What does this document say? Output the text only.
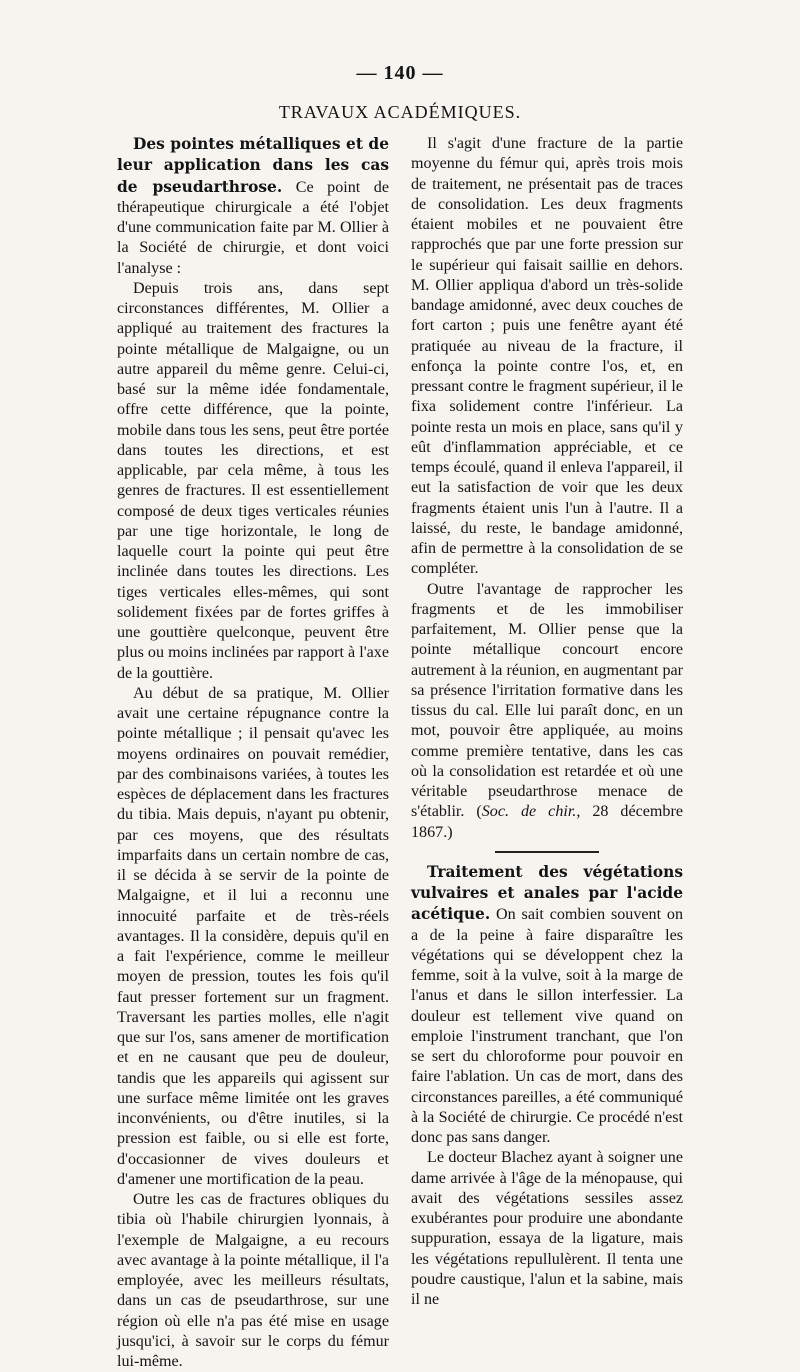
— 140 —
TRAVAUX ACADÉMIQUES.

Des pointes métalliques et de leur application dans les cas de pseudarthrose. Ce point de thérapeutique chirurgicale a été l'objet d'une communication faite par M. Ollier à la Société de chirurgie, et dont voici l'analyse :

Depuis trois ans, dans sept circonstances différentes, M. Ollier a appliqué au traitement des fractures la pointe métallique de Malgaigne, ou un autre appareil du même genre. Celui-ci, basé sur la même idée fondamentale, offre cette différence, que la pointe, mobile dans tous les sens, peut être portée dans toutes les directions, et est applicable, par cela même, à tous les genres de fractures. Il est essentiellement composé de deux tiges verticales réunies par une tige horizontale, le long de laquelle court la pointe qui peut être inclinée dans toutes les directions. Les tiges verticales elles-mêmes, qui sont solidement fixées par de fortes griffes à une gouttière quelconque, peuvent être plus ou moins inclinées par rapport à l'axe de la gouttière.

Au début de sa pratique, M. Ollier avait une certaine répugnance contre la pointe métallique ; il pensait qu'avec les moyens ordinaires on pouvait remédier, par des combinaisons variées, à toutes les espèces de déplacement dans les fractures du tibia. Mais depuis, n'ayant pu obtenir, par ces moyens, que des résultats imparfaits dans un certain nombre de cas, il se décida à se servir de la pointe de Malgaigne, et il lui a reconnu une innocuité parfaite et de très-réels avantages. Il la considère, depuis qu'il en a fait l'expérience, comme le meilleur moyen de pression, toutes les fois qu'il faut presser fortement sur un fragment. Traversant les parties molles, elle n'agit que sur l'os, sans amener de mortification et en ne causant que peu de douleur, tandis que les appareils qui agissent sur une surface même limitée ont les graves inconvénients, ou d'être inutiles, si la pression est faible, ou si elle est forte, d'occasionner de vives douleurs et d'amener une mortification de la peau.

Outre les cas de fractures obliques du tibia où l'habile chirurgien lyonnais, à l'exemple de Malgaigne, a eu recours avec avantage à la pointe métallique, il l'a employée, avec les meilleurs résultats, dans un cas de pseudarthrose, sur une région où elle n'a pas été mise en usage jusqu'ici, à savoir sur le corps du fémur lui-même.

Il s'agit d'une fracture de la partie moyenne du fémur qui, après trois mois de traitement, ne présentait pas de traces de consolidation. Les deux fragments étaient mobiles et ne pouvaient être rapprochés que par une forte pression sur le supérieur qui faisait saillie en dehors. M. Ollier appliqua d'abord un très-solide bandage amidonné, avec deux couches de fort carton ; puis une fenêtre ayant été pratiquée au niveau de la fracture, il enfonça la pointe contre l'os, et, en pressant contre le fragment supérieur, il le fixa solidement contre l'inférieur. La pointe resta un mois en place, sans qu'il y eût d'inflammation appréciable, et ce temps écoulé, quand il enleva l'appareil, il eut la satisfaction de voir que les deux fragments étaient unis l'un à l'autre. Il a laissé, du reste, le bandage amidonné, afin de permettre à la consolidation de se compléter.

Outre l'avantage de rapprocher les fragments et de les immobiliser parfaitement, M. Ollier pense que la pointe métallique concourt encore autrement à la réunion, en augmentant par sa présence l'irritation formative dans les tissus du cal. Elle lui paraît donc, en un mot, pouvoir être appliquée, au moins comme première tentative, dans les cas où la consolidation est retardée et où une véritable pseudarthrose menace de s'établir. (Soc. de chir., 28 décembre 1867.)

Traitement des végétations vulvaires et anales par l'acide acétique. On sait combien souvent on a de la peine à faire disparaître les végétations qui se développent chez la femme, soit à la vulve, soit à la marge de l'anus et dans le sillon interfessier. La douleur est tellement vive quand on emploie l'instrument tranchant, que l'on se sert du chloroforme pour pouvoir en faire l'ablation. Un cas de mort, dans des circonstances pareilles, a été communiqué à la Société de chirurgie. Ce procédé n'est donc pas sans danger.

Le docteur Blachez ayant à soigner une dame arrivée à l'âge de la ménopause, qui avait des végétations sessiles assez exubérantes pour produire une abondante suppuration, essaya de la ligature, mais les végétations repullulèrent. Il tenta une poudre caustique, l'alun et la sabine, mais il ne
